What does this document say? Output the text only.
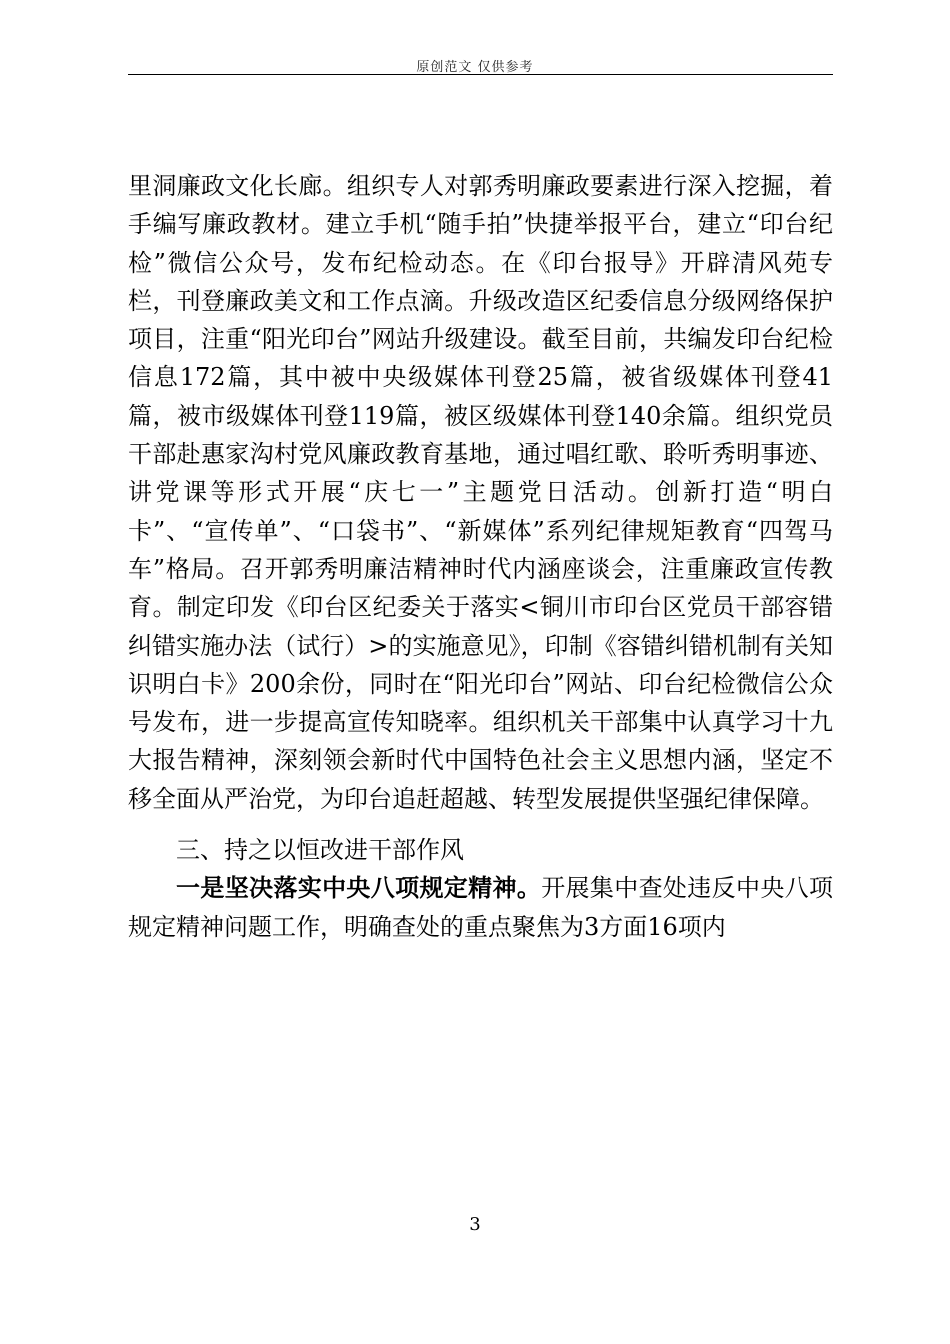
原创范文 仅供参考

里洞廉政文化长廊。组织专人对郭秀明廉政要素进行深入挖掘，着手编写廉政教材。建立手机“随手拍”快捷举报平台，建立“印台纪检”微信公众号，发布纪检动态。在《印台报导》开辟清风苑专栏，刊登廉政美文和工作点滴。升级改造区纪委信息分级网络保护项目，注重“阳光印台”网站升级建设。截至目前，共编发印台纪检信息172篇，其中被中央级媒体刊登25篇，被省级媒体刊登41篇，被市级媒体刊登119篇，被区级媒体刊登140余篇。组织党员干部赴惠家沟村党风廉政教育基地，通过唱红歌、聆听秀明事迹、讲党课等形式开展“庆七一”主题党日活动。创新打造“明白卡”、“宣传单”、“口袋书”、“新媒体”系列纪律规矩教育“四驾马车”格局。召开郭秀明廉洁精神时代内涵座谈会，注重廉政宣传教育。制定印发《印台区纪委关于落实<铜川市印台区党员干部容错纠错实施办法（试行）>的实施意见》，印制《容错纠错机制有关知识明白卡》200余份，同时在“阳光印台”网站、印台纪检微信公众号发布，进一步提高宣传知晓率。组织机关干部集中认真学习十九大报告精神，深刻领会新时代中国特色社会主义思想内涵，坚定不移全面从严治党，为印台追赶超越、转型发展提供坚强纪律保障。

三、持之以恒改进干部作风

一是坚决落实中央八项规定精神。开展集中查处违反中央八项规定精神问题工作，明确查处的重点聚焦为3方面16项内

3
